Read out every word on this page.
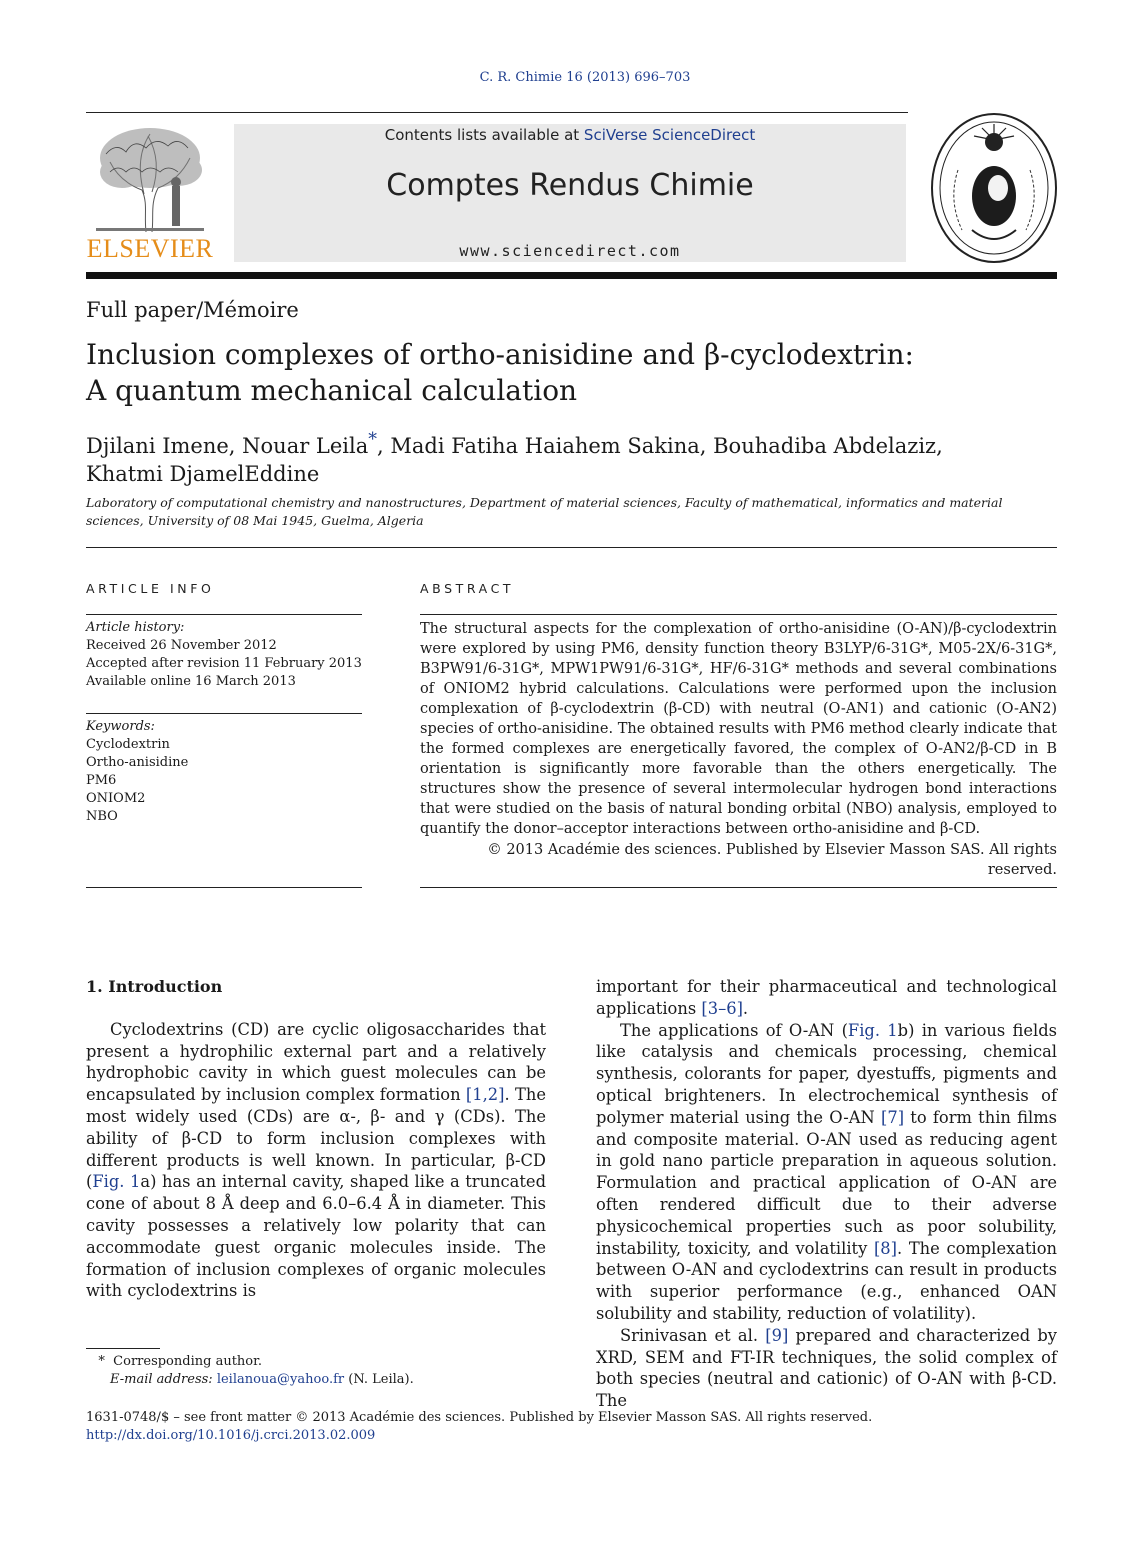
C. R. Chimie 16 (2013) 696–703
ELSEVIER
Contents lists available at SciVerse ScienceDirect
Comptes Rendus Chimie
www.sciencedirect.com
Full paper/Mémoire
Inclusion complexes of ortho-anisidine and β-cyclodextrin:
A quantum mechanical calculation
Djilani Imene, Nouar Leila*, Madi Fatiha Haiahem Sakina, Bouhadiba Abdelaziz,
Khatmi DjamelEddine
Laboratory of computational chemistry and nanostructures, Department of material sciences, Faculty of mathematical, informatics and material sciences, University of 08 Mai 1945, Guelma, Algeria
ARTICLE INFO	ABSTRACT
Article history:
Received 26 November 2012
Accepted after revision 11 February 2013
Available online 16 March 2013
Keywords:
Cyclodextrin
Ortho-anisidine
PM6
ONIOM2
NBO
The structural aspects for the complexation of ortho-anisidine (O-AN)/β-cyclodextrin were explored by using PM6, density function theory B3LYP/6-31G*, M05-2X/6-31G*, B3PW91/6-31G*, MPW1PW91/6-31G*, HF/6-31G* methods and several combinations of ONIOM2 hybrid calculations. Calculations were performed upon the inclusion complexation of β-cyclodextrin (β-CD) with neutral (O-AN1) and cationic (O-AN2) species of ortho-anisidine. The obtained results with PM6 method clearly indicate that the formed complexes are energetically favored, the complex of O-AN2/β-CD in B orientation is significantly more favorable than the others energetically. The structures show the presence of several intermolecular hydrogen bond interactions that were studied on the basis of natural bonding orbital (NBO) analysis, employed to quantify the donor–acceptor interactions between ortho-anisidine and β-CD.
© 2013 Académie des sciences. Published by Elsevier Masson SAS. All rights reserved.
1. Introduction

Cyclodextrins (CD) are cyclic oligosaccharides that present a hydrophilic external part and a relatively hydrophobic cavity in which guest molecules can be encapsulated by inclusion complex formation [1,2]. The most widely used (CDs) are α-, β- and γ (CDs). The ability of β-CD to form inclusion complexes with different products is well known. In particular, β-CD (Fig. 1a) has an internal cavity, shaped like a truncated cone of about 8 Å deep and 6.0–6.4 Å in diameter. This cavity possesses a relatively low polarity that can accommodate guest organic molecules inside. The formation of inclusion complexes of organic molecules with cyclodextrins is

important for their pharmaceutical and technological applications [3–6].

The applications of O-AN (Fig. 1b) in various fields like catalysis and chemicals processing, chemical synthesis, colorants for paper, dyestuffs, pigments and optical brighteners. In electrochemical synthesis of polymer material using the O-AN [7] to form thin films and composite material. O-AN used as reducing agent in gold nano particle preparation in aqueous solution. Formulation and practical application of O-AN are often rendered difficult due to their adverse physicochemical properties such as poor solubility, instability, toxicity, and volatility [8]. The complexation between O-AN and cyclodextrins can result in products with superior performance (e.g., enhanced OAN solubility and stability, reduction of volatility).

Srinivasan et al. [9] prepared and characterized by XRD, SEM and FT-IR techniques, the solid complex of both species (neutral and cationic) of O-AN with β-CD. The

* Corresponding author.
E-mail address: leilanoua@yahoo.fr (N. Leila).
1631-0748/$ – see front matter © 2013 Académie des sciences. Published by Elsevier Masson SAS. All rights reserved.
http://dx.doi.org/10.1016/j.crci.2013.02.009
